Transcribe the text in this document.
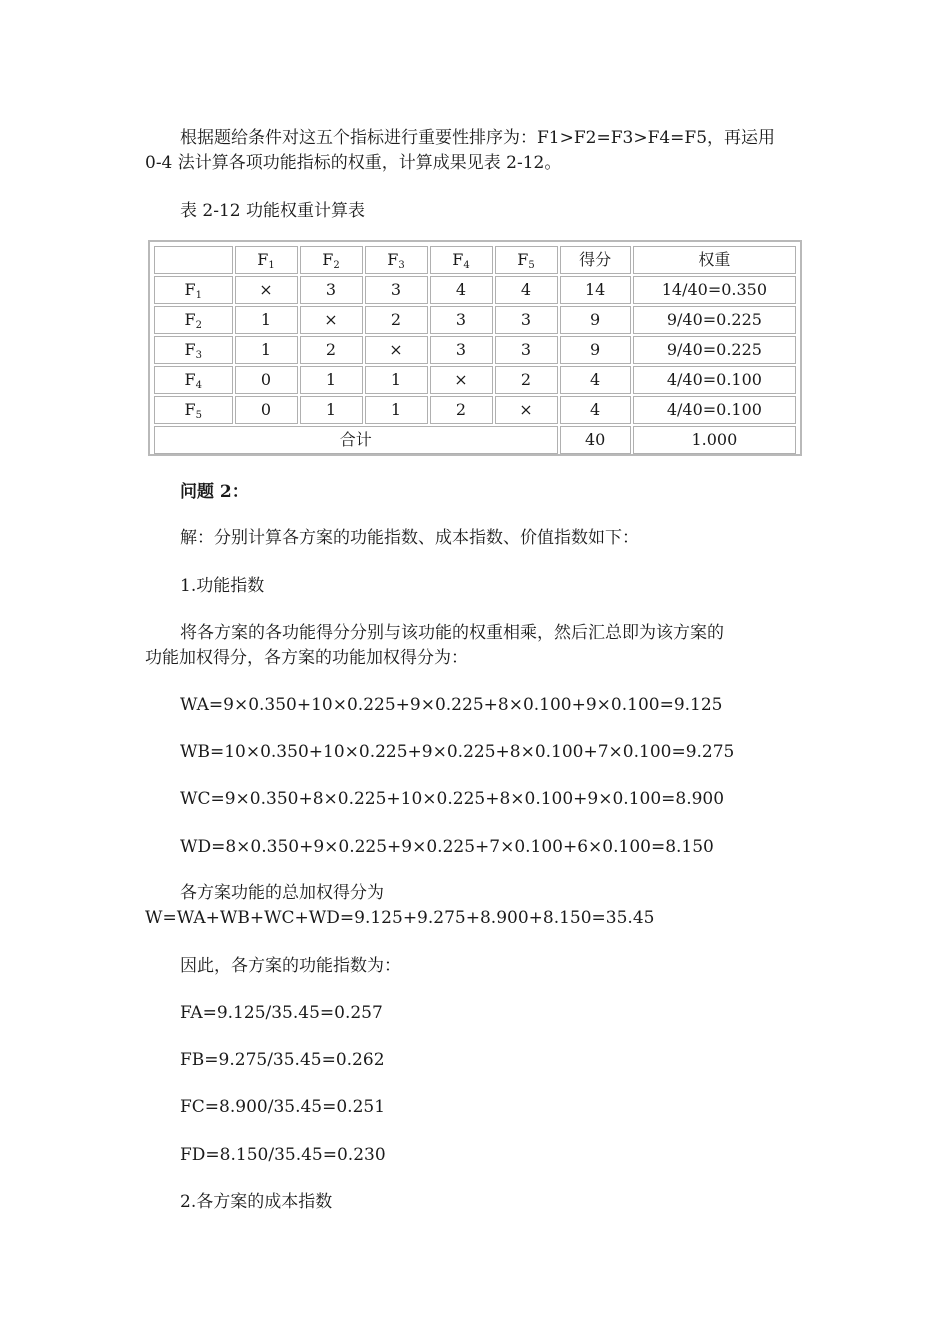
根据题给条件对这五个指标进行重要性排序为：F1>F2=F3>F4=F5，再运用
0-4 法计算各项功能指标的权重，计算成果见表 2-12。
表 2-12 功能权重计算表
	$F_1$	$F_2$	$F_3$	$F_4$	$F_5$	得分	权重
$F_1$	×	3	3	4	4	14	14/40=0.350
$F_2$	1	×	2	3	3	9	9/40=0.225
$F_3$	1	2	×	3	3	9	9/40=0.225
$F_4$	0	1	1	×	2	4	4/40=0.100
$F_5$	0	1	1	2	×	4	4/40=0.100
合计						40	1.000
问题 2：
解：分别计算各方案的功能指数、成本指数、价值指数如下：
1.功能指数
将各方案的各功能得分分别与该功能的权重相乘，然后汇总即为该方案的
功能加权得分，各方案的功能加权得分为：
WA=9×0.350+10×0.225+9×0.225+8×0.100+9×0.100=9.125
WB=10×0.350+10×0.225+9×0.225+8×0.100+7×0.100=9.275
WC=9×0.350+8×0.225+10×0.225+8×0.100+9×0.100=8.900
WD=8×0.350+9×0.225+9×0.225+7×0.100+6×0.100=8.150
各方案功能的总加权得分为
W=WA+WB+WC+WD=9.125+9.275+8.900+8.150=35.45
因此，各方案的功能指数为：
FA=9.125/35.45=0.257
FB=9.275/35.45=0.262
FC=8.900/35.45=0.251
FD=8.150/35.45=0.230
2.各方案的成本指数
